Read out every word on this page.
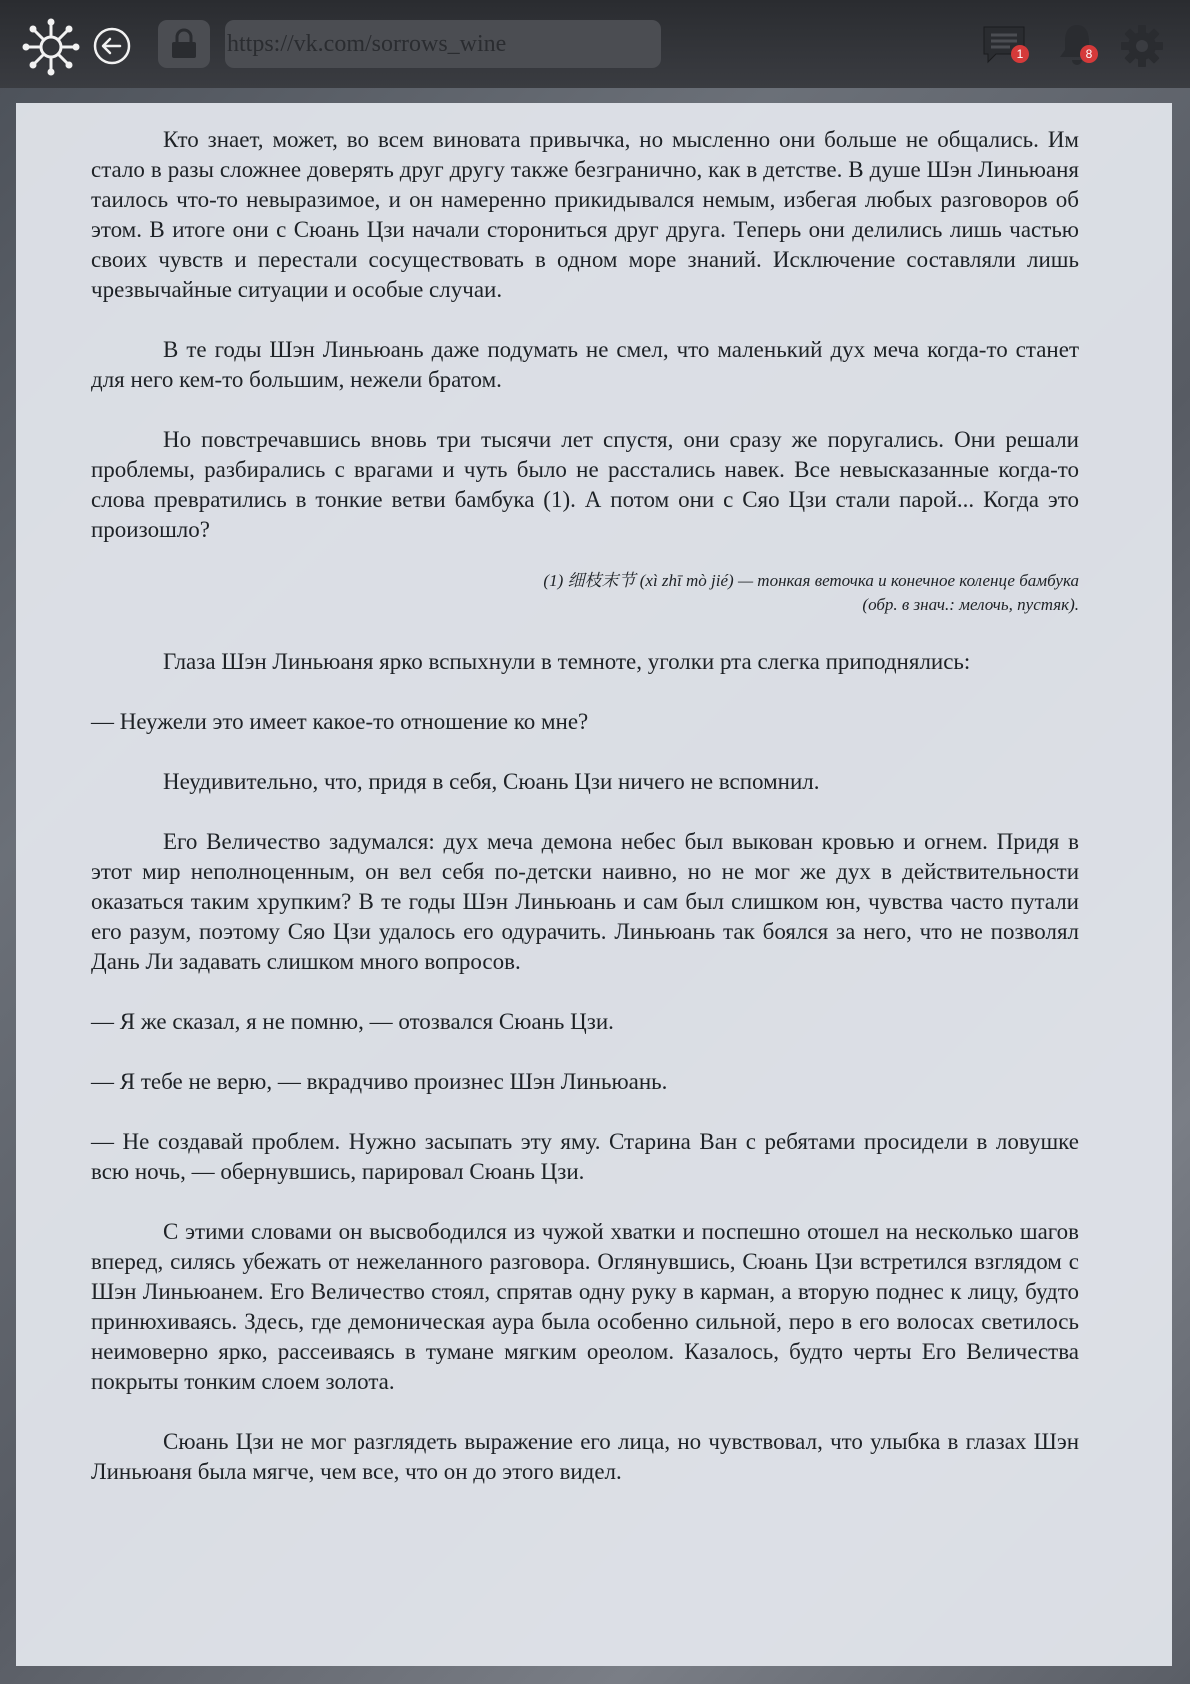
https://vk.com/sorrows_wine	1	8

Кто знает, может, во всем виновата привычка, но мысленно они больше не общались. Им стало в разы сложнее доверять друг другу также безгранично, как в детстве. В душе Шэн Линьюаня таилось что-то невыразимое, и он намеренно прикидывался немым, избегая любых разговоров об этом. В итоге они с Сюань Цзи начали сторониться друг друга. Теперь они делились лишь частью своих чувств и перестали сосуществовать в одном море знаний. Исключение составляли лишь чрезвычайные ситуации и особые случаи.

В те годы Шэн Линьюань даже подумать не смел, что маленький дух меча когда-то станет для него кем-то большим, нежели братом.

Но повстречавшись вновь три тысячи лет спустя, они сразу же поругались. Они решали проблемы, разбирались с врагами и чуть было не расстались навек. Все невысказанные когда-то слова превратились в тонкие ветви бамбука (1). А потом они с Сяо Цзи стали парой... Когда это произошло?

(1) 细枝末节 (xì zhī mò jié) — тонкая веточка и конечное коленце бамбука
(обр. в знач.: мелочь, пустяк).

Глаза Шэн Линьюаня ярко вспыхнули в темноте, уголки рта слегка приподнялись:

— Неужели это имеет какое-то отношение ко мне?

Неудивительно, что, придя в себя, Сюань Цзи ничего не вспомнил.

Его Величество задумался: дух меча демона небес был выкован кровью и огнем. Придя в этот мир неполноценным, он вел себя по-детски наивно, но не мог же дух в действительности оказаться таким хрупким? В те годы Шэн Линьюань и сам был слишком юн, чувства часто путали его разум, поэтому Сяо Цзи удалось его одурачить. Линьюань так боялся за него, что не позволял Дань Ли задавать слишком много вопросов.

— Я же сказал, я не помню, — отозвался Сюань Цзи.

— Я тебе не верю, — вкрадчиво произнес Шэн Линьюань.

— Не создавай проблем. Нужно засыпать эту яму. Старина Ван с ребятами просидели в ловушке всю ночь, — обернувшись, парировал Сюань Цзи.

С этими словами он высвободился из чужой хватки и поспешно отошел на несколько шагов вперед, силясь убежать от нежеланного разговора. Оглянувшись, Сюань Цзи встретился взглядом с Шэн Линьюанем. Его Величество стоял, спрятав одну руку в карман, а вторую поднес к лицу, будто принюхиваясь. Здесь, где демоническая аура была особенно сильной, перо в его волосах светилось неимоверно ярко, рассеиваясь в тумане мягким ореолом. Казалось, будто черты Его Величества покрыты тонким слоем золота.

Сюань Цзи не мог разглядеть выражение его лица, но чувствовал, что улыбка в глазах Шэн Линьюаня была мягче, чем все, что он до этого видел.
